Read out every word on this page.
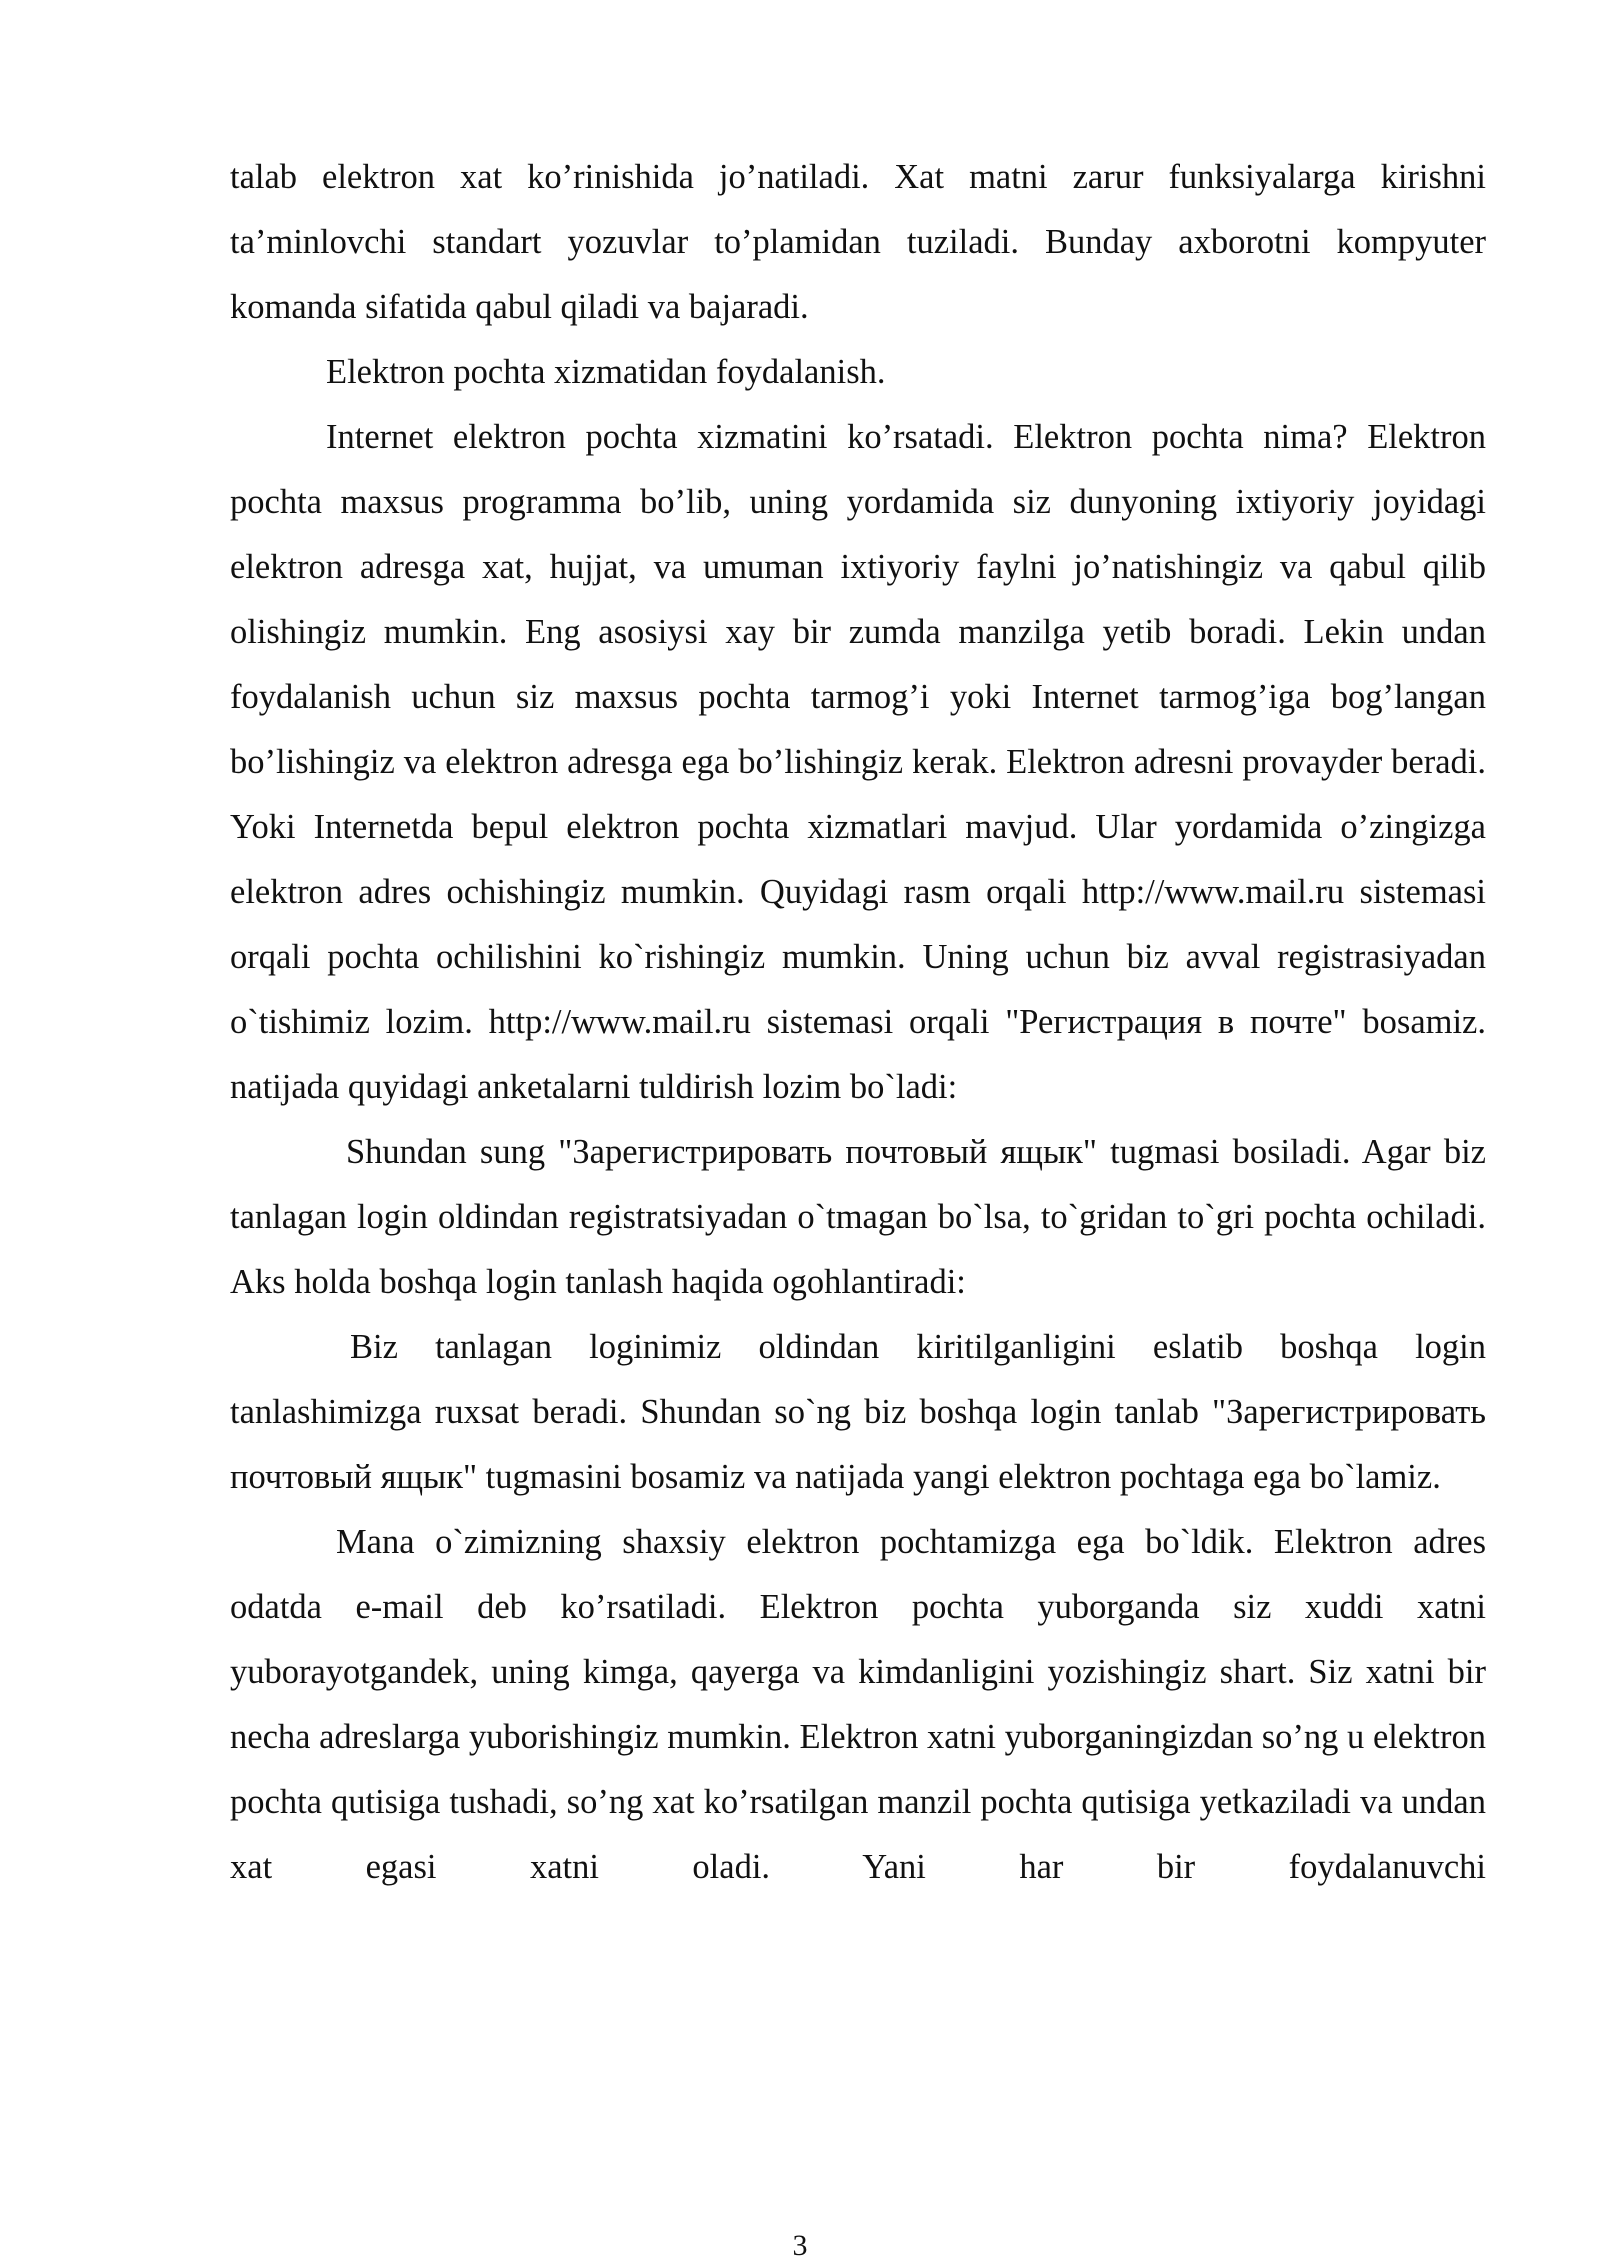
talab elektron xat ko’rinishida jo’natiladi. Xat matni zarur funksiyalarga kirishni ta’minlovchi standart yozuvlar to’plamidan tuziladi. Bunday axborotni kompyuter komanda sifatida qabul qiladi va bajaradi.

Elektron pochta xizmatidan foydalanish.

Internet elektron pochta xizmatini ko’rsatadi. Elektron pochta nima? Elektron pochta maxsus programma bo’lib, uning yordamida siz dunyoning ixtiyoriy joyidagi elektron adresga xat, hujjat, va umuman ixtiyoriy faylni jo’natishingiz va qabul qilib olishingiz mumkin. Eng asosiysi xay bir zumda manzilga yetib boradi. Lekin undan foydalanish uchun siz maxsus pochta tarmog’i yoki Internet tarmog’iga bog’langan bo’lishingiz va elektron adresga ega bo’lishingiz kerak. Elektron adresni provayder beradi. Yoki Internetda bepul elektron pochta xizmatlari mavjud. Ular yordamida o’zingizga elektron adres ochishingiz mumkin. Quyidagi rasm orqali http://www.mail.ru sistemasi orqali pochta ochilishini ko`rishingiz mumkin. Uning uchun biz avval registrasiyadan o`tishimiz lozim. http://www.mail.ru sistemasi orqali "Регистрация в почте" bosamiz. natijada quyidagi anketalarni tuldirish lozim bo`ladi:

Shundan sung "Зарегистрировать почтовый ящык" tugmasi bosiladi. Agar biz tanlagan login oldindan registratsiyadan o`tmagan bo`lsa, to`gridan to`gri pochta ochiladi. Aks holda boshqa login tanlash haqida ogohlantiradi:

Biz tanlagan loginimiz oldindan kiritilganligini eslatib boshqa login tanlashimizga ruxsat beradi. Shundan so`ng biz boshqa login tanlab "Зарегистрировать почтовый ящык" tugmasini bosamiz va natijada yangi elektron pochtaga ega bo`lamiz.

Mana o`zimizning shaxsiy elektron pochtamizga ega bo`ldik. Elektron adres odatda e-mail deb ko’rsatiladi. Elektron pochta yuborganda siz xuddi xatni yuborayotgandek, uning kimga, qayerga va kimdanligini yozishingiz shart. Siz xatni bir necha adreslarga yuborishingiz mumkin. Elektron xatni yuborganingizdan so’ng u elektron pochta qutisiga tushadi, so’ng xat ko’rsatilgan manzil pochta qutisiga yetkaziladi va undan xat egasi xatni oladi. Yani har bir foydalanuvchi

3
